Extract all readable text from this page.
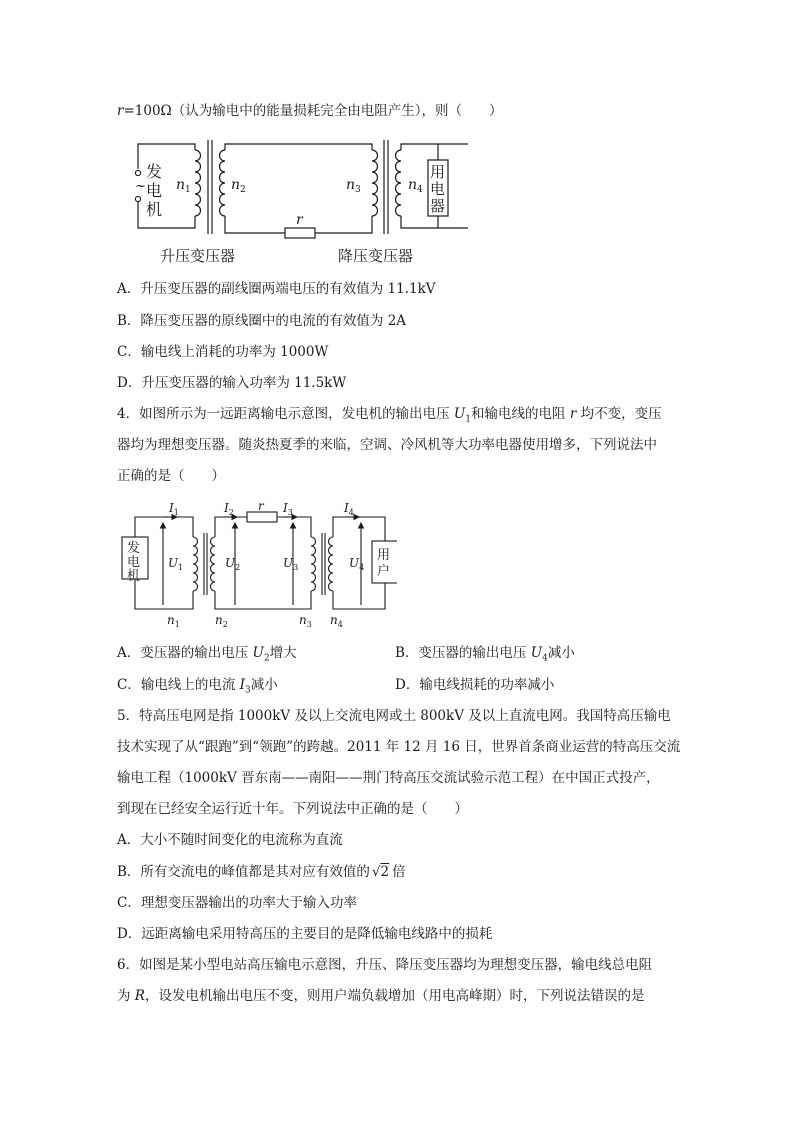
r=100Ω（认为输电中的能量损耗完全由电阻产生），则（　　）
~
发
电
机
$n_1$	$n_2$	$n_3$	$n_4$
r
用
电
器
升压变压器	降压变压器
A．升压变压器的副线圈两端电压的有效值为 11.1kV
B．降压变压器的原线圈中的电流的有效值为 2A
C．输电线上消耗的功率为 1000W
D．升压变压器的输入功率为 11.5kW
4．如图所示为一远距离输电示意图，发电机的输出电压 $U_1$和输电线的电阻 r 均不变，变压
器均为理想变压器。随炎热夏季的来临，空调、冷风机等大功率电器使用增多，下列说法中
正确的是（　　）
发
电
机
用
户
$I_1$	$I_2$ r $I_3$	$I_4$
$U_1$	$U_2$	$U_3$	$U_4$
$n_1$	$n_2$	$n_3$ $n_4$
A．变压器的输出电压 $U_2$增大	B．变压器的输出电压 $U_4$减小
C．输电线上的电流 $I_3$减小	D．输电线损耗的功率减小
5．特高压电网是指 1000kV 及以上交流电网或土 800kV 及以上直流电网。我国特高压输电
技术实现了从“跟跑”到“领跑”的跨越。2011 年 12 月 16 日，世界首条商业运营的特高压交流
输电工程（1000kV 晋东南——南阳——荆门特高压交流试验示范工程）在中国正式投产，
到现在已经安全运行近十年。下列说法中正确的是（　　）
A．大小不随时间变化的电流称为直流
B．所有交流电的峰值都是其对应有效值的 √2 倍
C．理想变压器输出的功率大于输入功率
D．远距离输电采用特高压的主要目的是降低输电线路中的损耗
6．如图是某小型电站高压输电示意图，升压、降压变压器均为理想变压器，输电线总电阻
为 R，设发电机输出电压不变，则用户端负载增加（用电高峰期）时，下列说法错误的是
